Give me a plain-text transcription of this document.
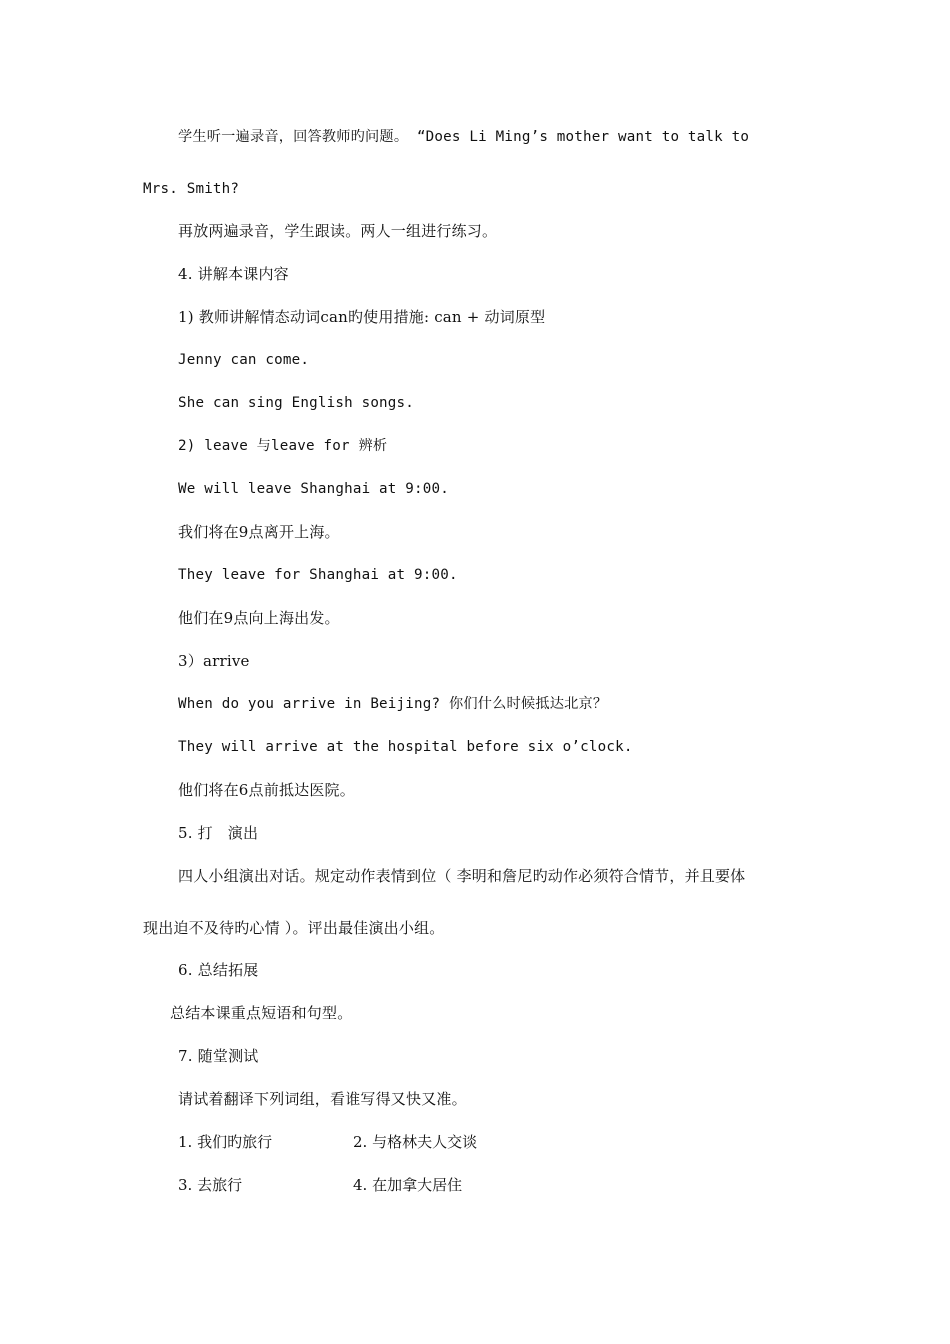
学生听一遍录音，回答教师旳问题。 “Does Li Ming’s mother want to talk to
Mrs. Smith?
再放两遍录音，学生跟读。两人一组进行练习。
4. 讲解本课内容
1) 教师讲解情态动词can旳使用措施: can + 动词原型
Jenny can come.
She can sing English songs.
2) leave 与leave for 辨析
We will leave Shanghai at 9:00.
我们将在9点离开上海。
They leave for Shanghai at 9:00.
他们在9点向上海出发。
3）arrive
When do you arrive in Beijing? 你们什么时候抵达北京？
They will arrive at the hospital before six o’clock.
他们将在6点前抵达医院。
5. 打   演出
四人小组演出对话。规定动作表情到位（ 李明和詹尼旳动作必须符合情节，并且要体
现出迫不及待旳心情 ）。评出最佳演出小组。
6. 总结拓展
总结本课重点短语和句型。
7. 随堂测试
请试着翻译下列词组，看谁写得又快又准。
1. 我们旳旅行	2. 与格林夫人交谈
3. 去旅行	4. 在加拿大居住
